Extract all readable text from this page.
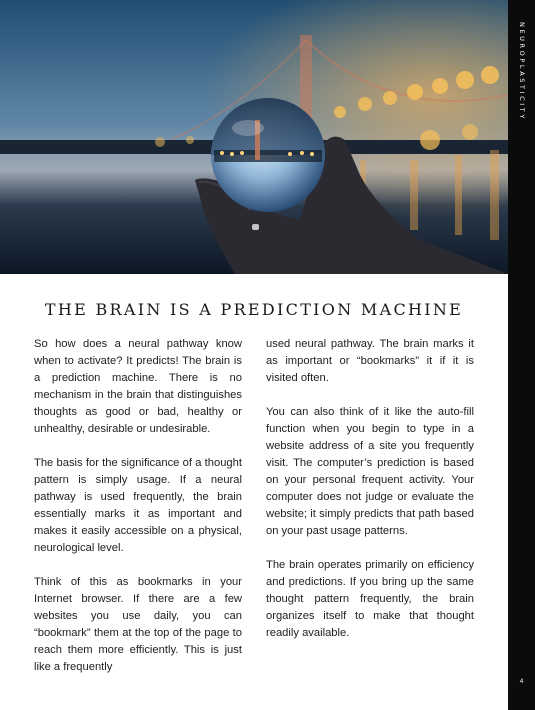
NEUROPLASTICITY
4
THE BRAIN IS A PREDICTION MACHINE

So how does a neural pathway know when to activate? It predicts! The brain is a prediction machine. There is no mechanism in the brain that distinguishes thoughts as good or bad, healthy or unhealthy, desirable or undesirable.

The basis for the significance of a thought pattern is simply usage. If a neural pathway is used frequently, the brain essentially marks it as important and makes it easily accessible on a physical, neurological level.

Think of this as bookmarks in your Internet browser. If there are a few websites you use daily, you can “bookmark” them at the top of the page to reach them more efficiently. This is just like a frequently

used neural pathway. The brain marks it as important or “bookmarks” it if it is visited often.

You can also think of it like the auto-fill function when you begin to type in a website address of a site you frequently visit. The computer’s prediction is based on your personal frequent activity. Your computer does not judge or evaluate the website; it simply predicts that path based on your past usage patterns.

The brain operates primarily on efficiency and predictions. If you bring up the same thought pattern frequently, the brain organizes itself to make that thought readily available.
